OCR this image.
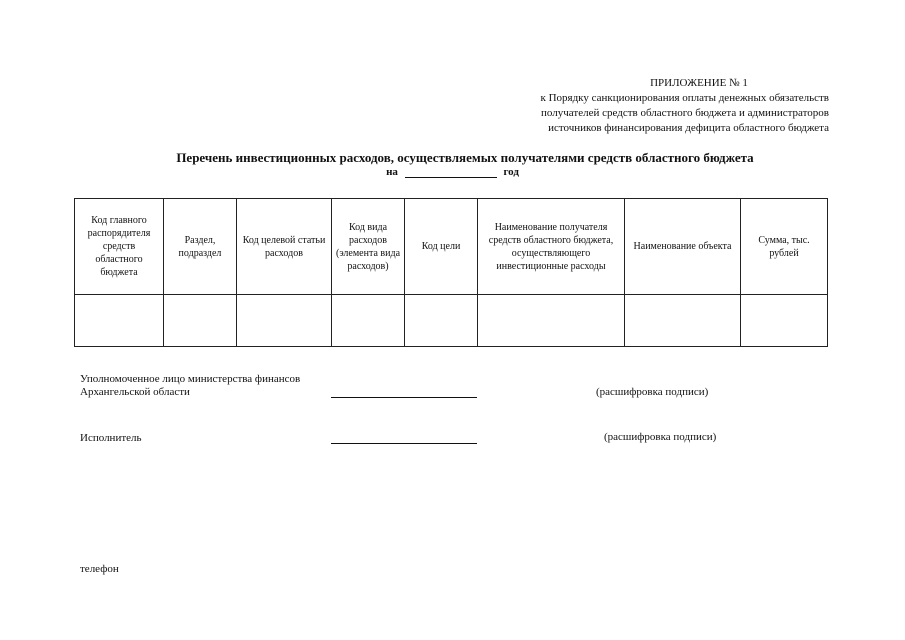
ПРИЛОЖЕНИЕ № 1
к Порядку санкционирования оплаты денежных обязательств
получателей средств областного бюджета и администраторов
источников финансирования дефицита областного бюджета
Перечень инвестиционных расходов, осуществляемых получателями средств областного бюджета
на	год
Код главного распорядителя средств областного бюджета	Раздел, подраздел	Код целевой статьи расходов	Код вида расходов (элемента вида расходов)	Код цели	Наименование получателя средств областного бюджета, осуществляющего инвестиционные расходы	Наименование объекта	Сумма, тыс. рублей

Уполномоченное лицо министерства финансов
Архангельской области	(расшифровка подписи)
Исполнитель	(расшифровка подписи)
телефон
